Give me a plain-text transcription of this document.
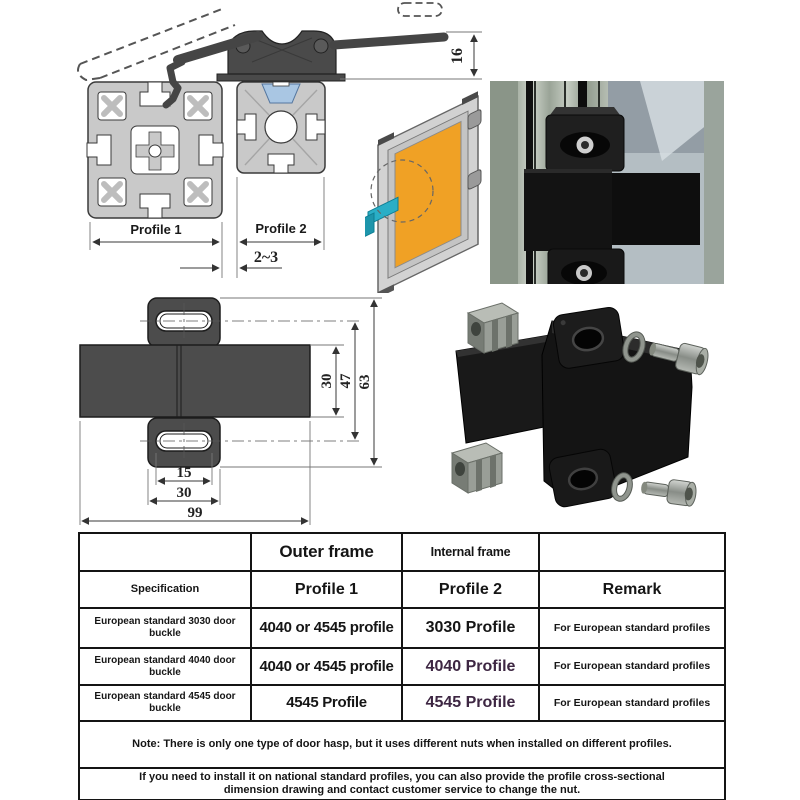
16
Profile 1	Profile 2
2~3
30 47 63
15
30
99
	Outer frame	Internal frame	
Specification	Profile 1	Profile 2	Remark
European standard 3030 door buckle	4040 or 4545 profile	3030 Profile	For European standard profiles
European standard 4040 door buckle	4040 or 4545 profile	4040 Profile	For European standard profiles
European standard 4545 door buckle	4545 Profile	4545 Profile	For European standard profiles
Note: There is only one type of door hasp, but it uses different nuts when installed on different profiles.			

If you need to install it on national standard profiles, you can also provide the profile cross-sectional dimension drawing and contact customer service to change the nut.			
